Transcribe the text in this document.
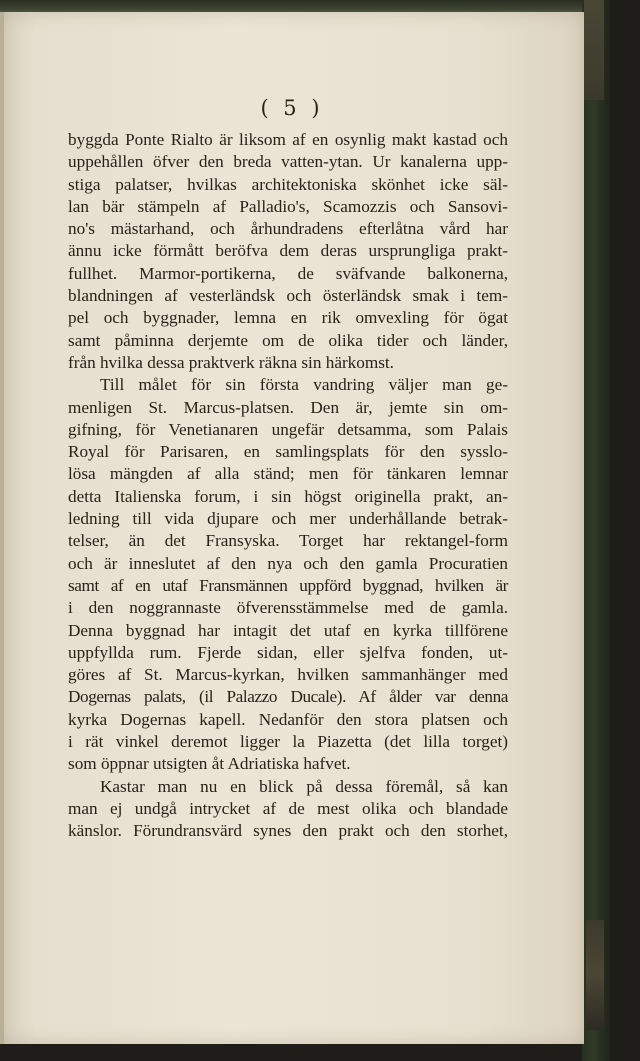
( 5 )
byggda Ponte Rialto är liksom af en osynlig makt kastad och
uppehållen öfver den breda vatten-ytan. Ur kanalerna upp-
stiga palatser, hvilkas architektoniska skönhet icke säl-
lan bär stämpeln af Palladio's, Scamozzis och Sansovi-
no's mästarhand, och århundradens efterlåtna vård har
ännu icke förmått beröfva dem deras ursprungliga prakt-
fullhet. Marmor-portikerna, de sväfvande balkonerna,
blandningen af vesterländsk och österländsk smak i tem-
pel och byggnader, lemna en rik omvexling för ögat
samt påminna derjemte om de olika tider och länder,
från hvilka dessa praktverk räkna sin härkomst.
Till målet för sin första vandring väljer man ge-
menligen St. Marcus-platsen. Den är, jemte sin om-
gifning, för Venetianaren ungefär detsamma, som Palais
Royal för Parisaren, en samlingsplats för den sysslo-
lösa mängden af alla ständ; men för tänkaren lemnar
detta Italienska forum, i sin högst originella prakt, an-
ledning till vida djupare och mer underhållande betrak-
telser, än det Fransyska. Torget har rektangel-form
och är inneslutet af den nya och den gamla Procuratien
samt af en utaf Fransmännen uppförd byggnad, hvilken är
i den noggrannaste öfverensstämmelse med de gamla.
Denna byggnad har intagit det utaf en kyrka tillförene
uppfyllda rum. Fjerde sidan, eller sjelfva fonden, ut-
göres af St. Marcus-kyrkan, hvilken sammanhänger med
Dogernas palats, (il Palazzo Ducale). Af ålder var denna
kyrka Dogernas kapell. Nedanför den stora platsen och
i rät vinkel deremot ligger la Piazetta (det lilla torget)
som öppnar utsigten åt Adriatiska hafvet.
Kastar man nu en blick på dessa föremål, så kan
man ej undgå intrycket af de mest olika och blandade
känslor. Förundransvärd synes den prakt och den storhet,
